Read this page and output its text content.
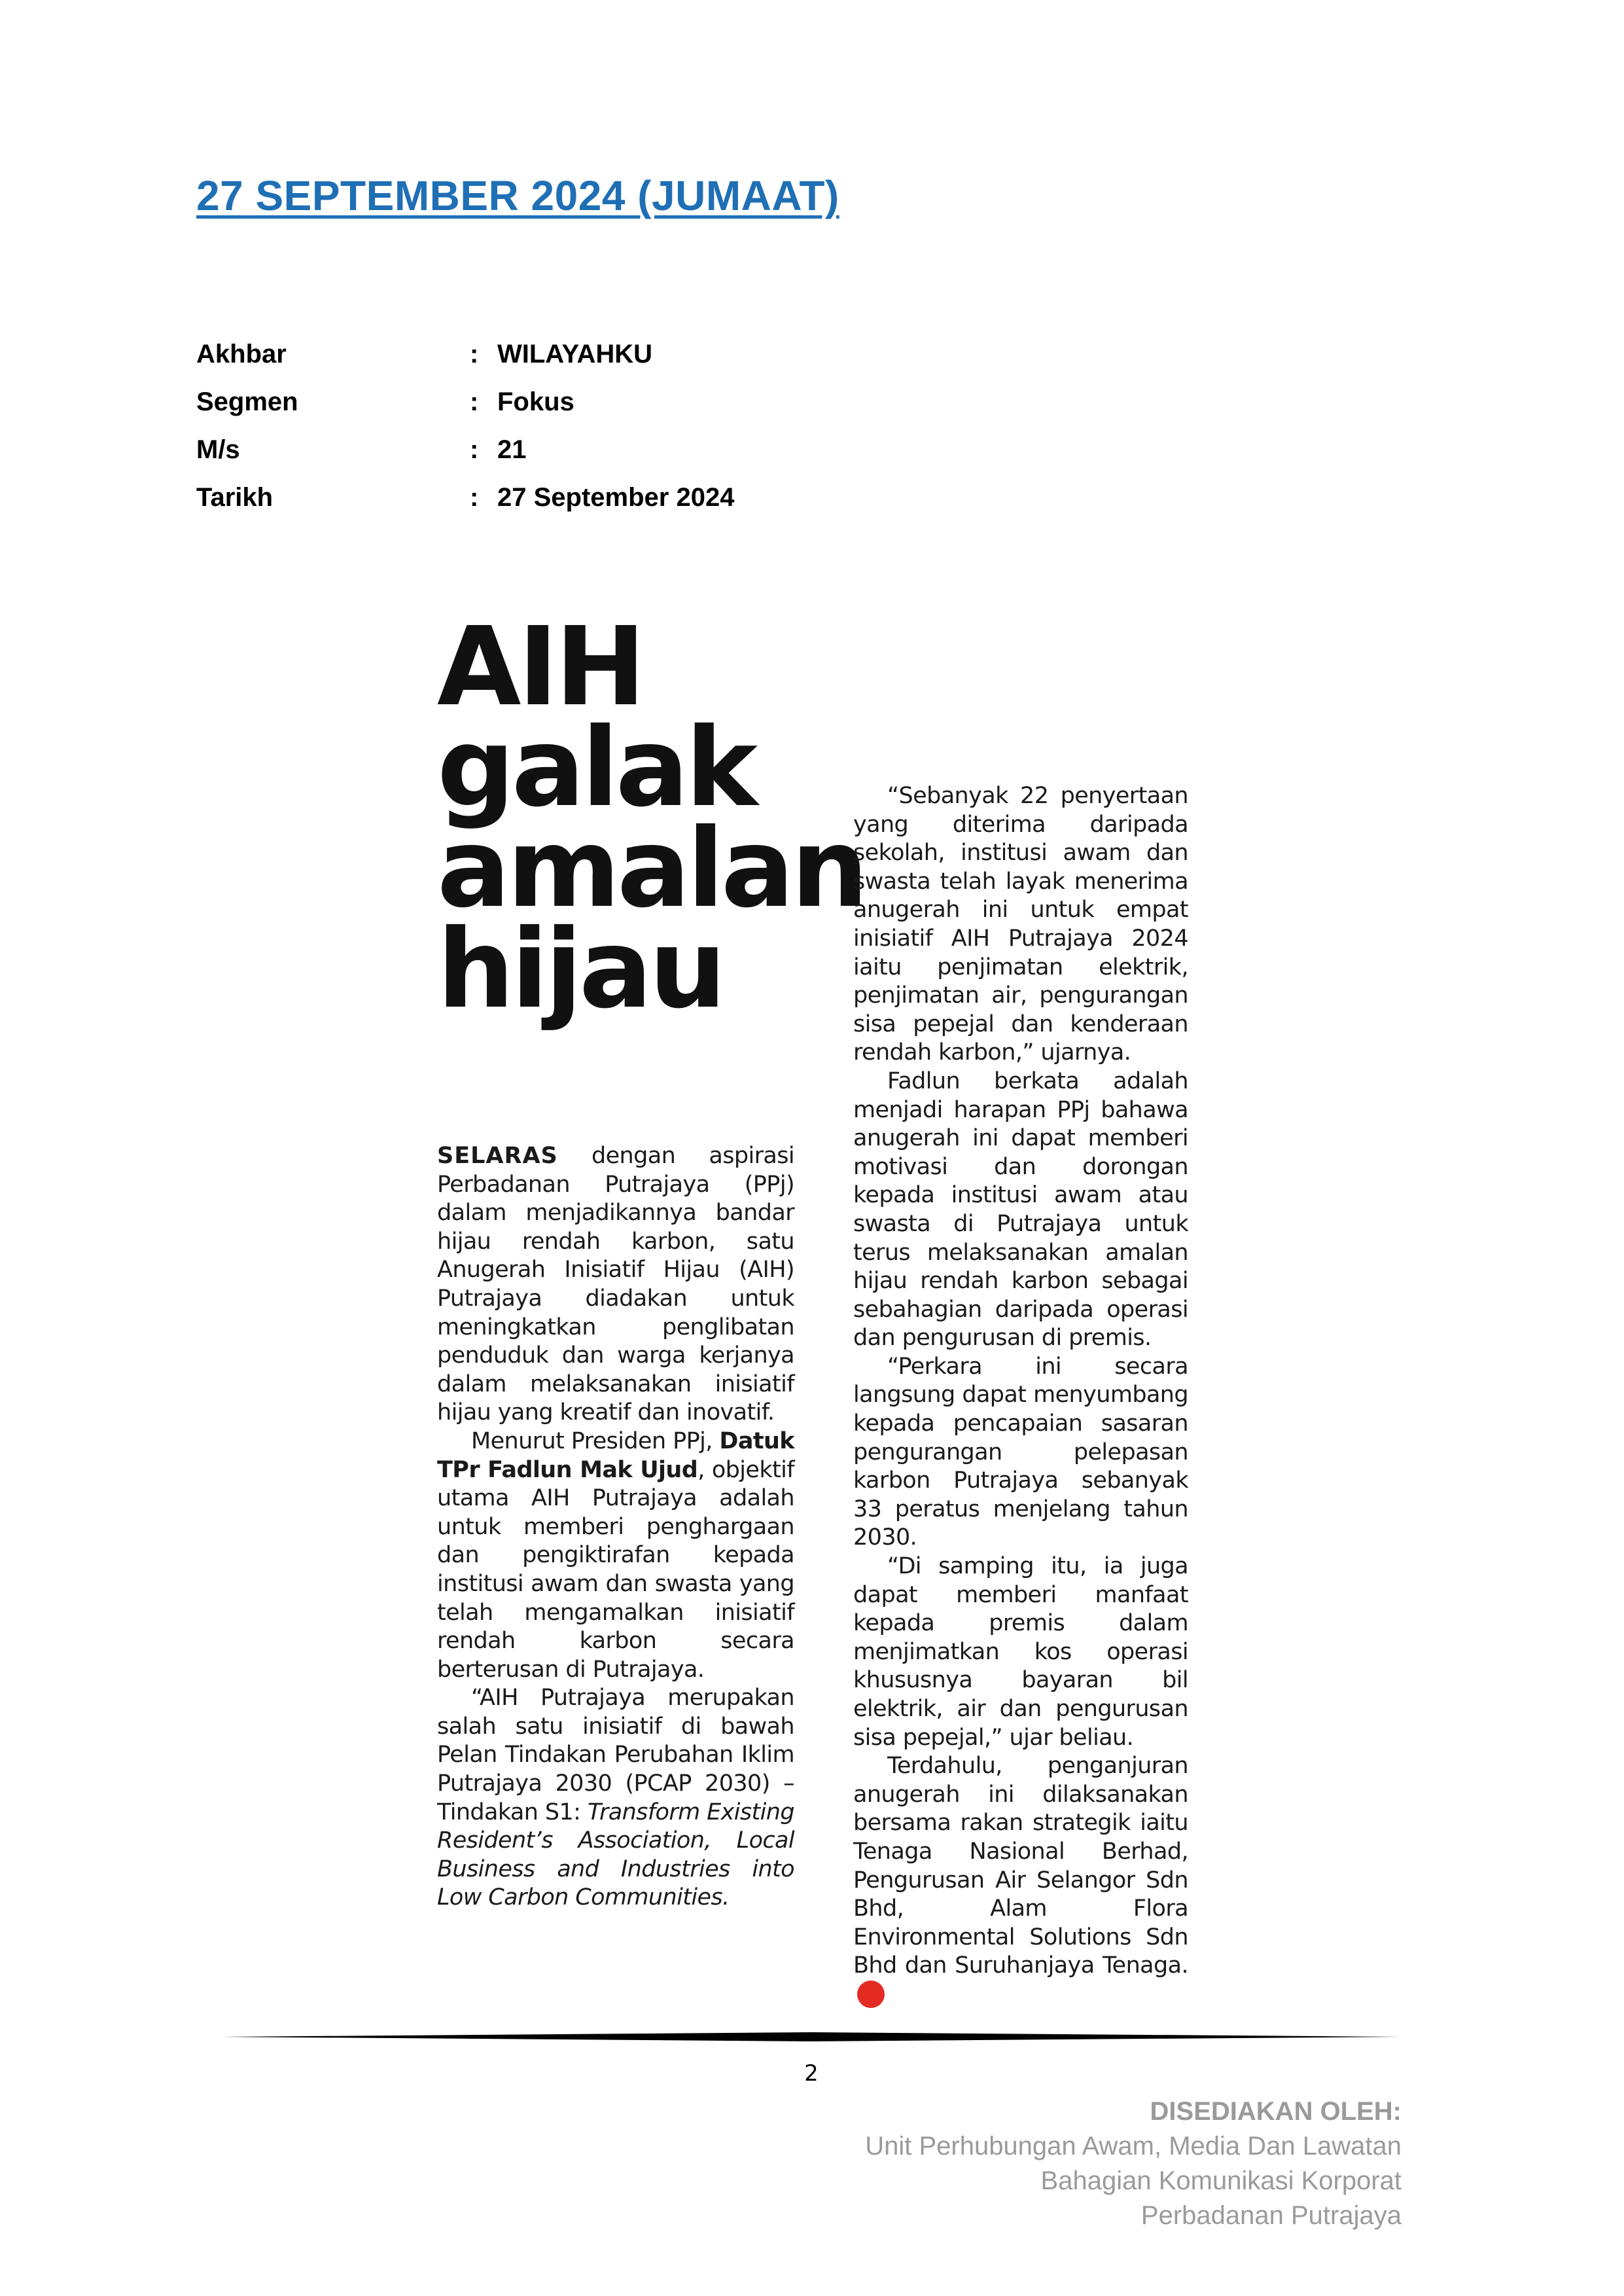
27 SEPTEMBER 2024 (JUMAAT)
Akhbar	: WILAYAHKU
Segmen	: Fokus
M/s	: 21
Tarikh	: 27 September 2024
AIH
galak
amalan
hijau

SELARAS dengan aspirasi Perbadanan Putrajaya (PPj) dalam menjadikannya bandar hijau rendah karbon, satu Anugerah Inisiatif Hijau (AIH) Putrajaya diadakan untuk meningkatkan penglibatan penduduk dan warga kerjanya dalam melaksanakan inisiatif hijau yang kreatif dan inovatif.

Menurut Presiden PPj, Datuk TPr Fadlun Mak Ujud, objektif utama AIH Putrajaya adalah untuk memberi penghargaan dan pengiktirafan kepada institusi awam dan swasta yang telah mengamalkan inisiatif rendah karbon secara berterusan di Putrajaya.

“AIH Putrajaya merupakan salah satu inisiatif di bawah Pelan Tindakan Perubahan Iklim Putrajaya 2030 (PCAP 2030) – Tindakan S1: Transform Existing Resident’s Association, Local Business and Industries into Low Carbon Communities.

“Sebanyak 22 penyertaan yang diterima daripada sekolah, institusi awam dan swasta telah layak menerima anugerah ini untuk empat inisiatif AIH Putrajaya 2024 iaitu penjimatan elektrik, penjimatan air, pengurangan sisa pepejal dan kenderaan rendah karbon,” ujarnya.

Fadlun berkata adalah menjadi harapan PPj bahawa anugerah ini dapat memberi motivasi dan dorongan kepada institusi awam atau swasta di Putrajaya untuk terus melaksanakan amalan hijau rendah karbon sebagai sebahagian daripada operasi dan pengurusan di premis.

“Perkara ini secara langsung dapat menyumbang kepada pencapaian sasaran pengurangan pelepasan karbon Putrajaya sebanyak 33 peratus menjelang tahun 2030.

“Di samping itu, ia juga dapat memberi manfaat kepada premis dalam menjimatkan kos operasi khususnya bayaran bil elektrik, air dan pengurusan sisa pepejal,” ujar beliau.

Terdahulu, penganjuran anugerah ini dilaksanakan bersama rakan strategik iaitu Tenaga Nasional Berhad, Pengurusan Air Selangor Sdn Bhd, Alam Flora Environmental Solutions Sdn Bhd dan Suruhanjaya Tenaga.

2
DISEDIAKAN OLEH:
Unit Perhubungan Awam, Media Dan Lawatan
Bahagian Komunikasi Korporat
Perbadanan Putrajaya
